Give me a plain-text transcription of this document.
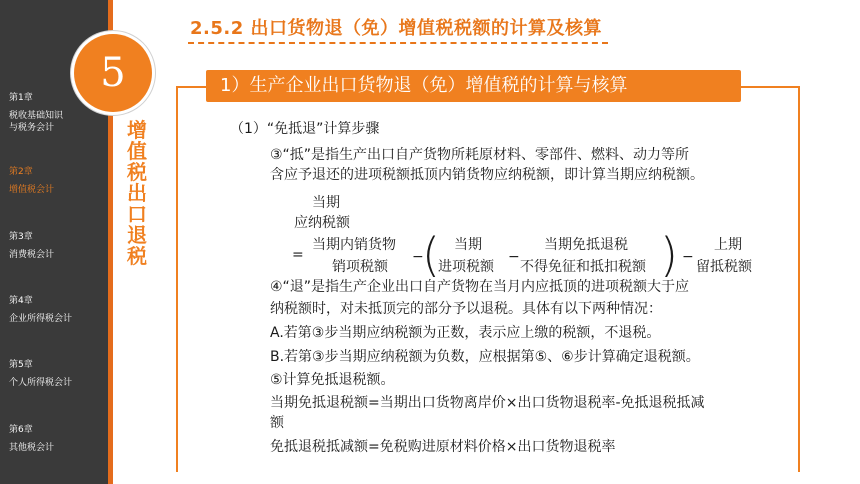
第1章
税收基础知识
与税务会计
第2章
增值税会计
第3章
消费税会计
第4章
企业所得税会计
第5章
个人所得税会计
第6章
其他税会计
5
增值税出口退税
2.5.2 出口货物退（免）增值税税额的计算及核算
1）生产企业出口货物退（免）增值税的计算与核算
（1）“免抵退”计算步骤
③“抵”是指生产出口自产货物所耗原材料、零部件、燃料、动力等所
含应予退还的进项税额抵顶内销货物应纳税额，即计算当期应纳税额。
当期
应纳税额
=
当期内销货物
销项税额
−
( 当期
进项税额
−
当期免抵退税
不得免征和抵扣税额 ) −
上期
留抵税额
④“退”是指生产企业出口自产货物在当月内应抵顶的进项税额大于应
纳税额时，对未抵顶完的部分予以退税。具体有以下两种情况：
A.若第③步当期应纳税额为正数，表示应上缴的税额，不退税。
B.若第③步当期应纳税额为负数，应根据第⑤、⑥步计算确定退税额。
⑤计算免抵退税额。
当期免抵退税额=当期出口货物离岸价×出口货物退税率-免抵退税抵减
额
免抵退税抵减额=免税购进原材料价格×出口货物退税率
